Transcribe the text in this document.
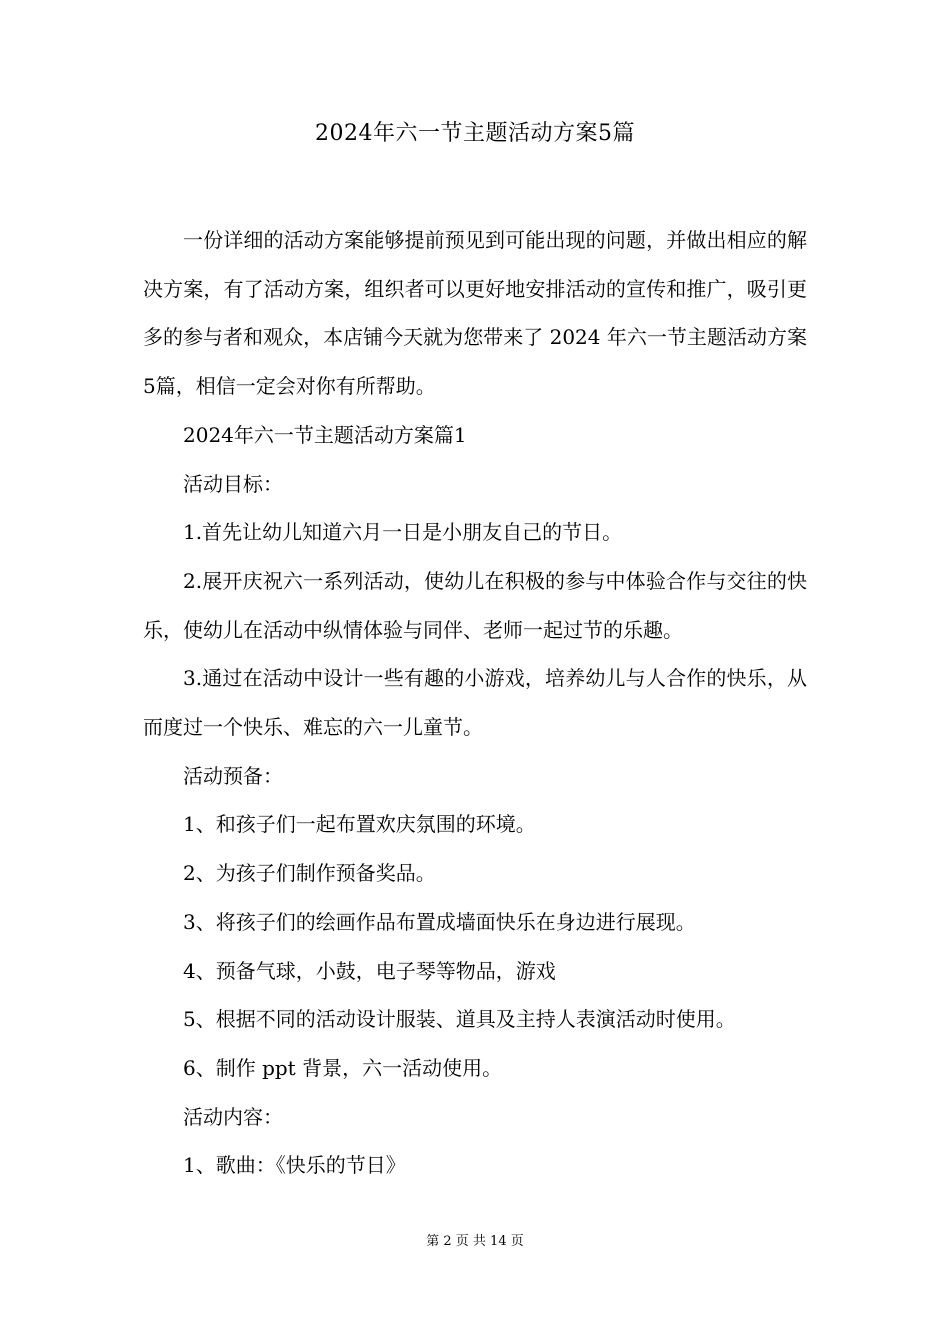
2024年六一节主题活动方案5篇

一份详细的活动方案能够提前预见到可能出现的问题，并做出相应的解决方案，有了活动方案，组织者可以更好地安排活动的宣传和推广，吸引更多的参与者和观众，本店铺今天就为您带来了 2024 年六一节主题活动方案5篇，相信一定会对你有所帮助。

2024年六一节主题活动方案篇1

活动目标：

1.首先让幼儿知道六月一日是小朋友自己的节日。

2.展开庆祝六一系列活动，使幼儿在积极的参与中体验合作与交往的快乐，使幼儿在活动中纵情体验与同伴、老师一起过节的乐趣。

3.通过在活动中设计一些有趣的小游戏，培养幼儿与人合作的快乐，从而度过一个快乐、难忘的六一儿童节。

活动预备：

1、和孩子们一起布置欢庆氛围的环境。

2、为孩子们制作预备奖品。

3、将孩子们的绘画作品布置成墙面快乐在身边进行展现。

4、预备气球，小鼓，电子琴等物品，游戏

5、根据不同的活动设计服装、道具及主持人表演活动时使用。

6、制作 ppt 背景，六一活动使用。

活动内容：

1、歌曲：《快乐的节日》

第 2 页 共 14 页
